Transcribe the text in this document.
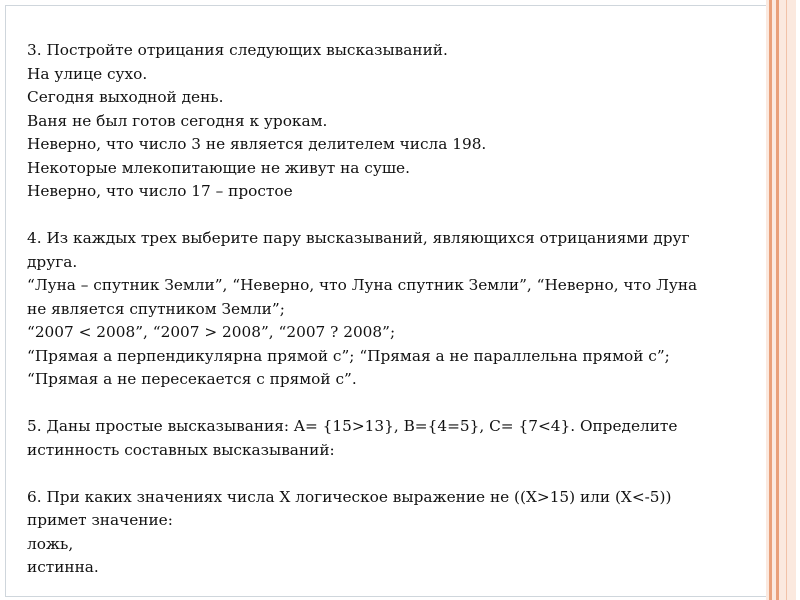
3. Постройте отрицания следующих высказываний.
На улице сухо.
Сегодня выходной день.
Ваня не был готов сегодня к урокам.
Неверно, что число 3 не является делителем числа 198.
Некоторые млекопитающие не живут на суше.
Неверно, что число 17 – простое
4. Из каждых трех выберите пару высказываний, являющихся отрицаниями друг
друга.
“Луна – спутник Земли”, “Неверно, что Луна спутник Земли”, “Неверно, что Луна
не является спутником Земли”;
“2007 < 2008”, “2007 > 2008”, “2007 ? 2008”;
“Прямая a перпендикулярна прямой c”; “Прямая a не параллельна прямой c”;
“Прямая a не пересекается с прямой c”.
5. Даны простые высказывания: A= {15>13}, B={4=5}, C= {7<4}. Определите
истинность составных высказываний:
6. При каких значениях числа X логическое выражение не ((X>15) или (X<-5))
примет значение:
ложь,
истинна.
